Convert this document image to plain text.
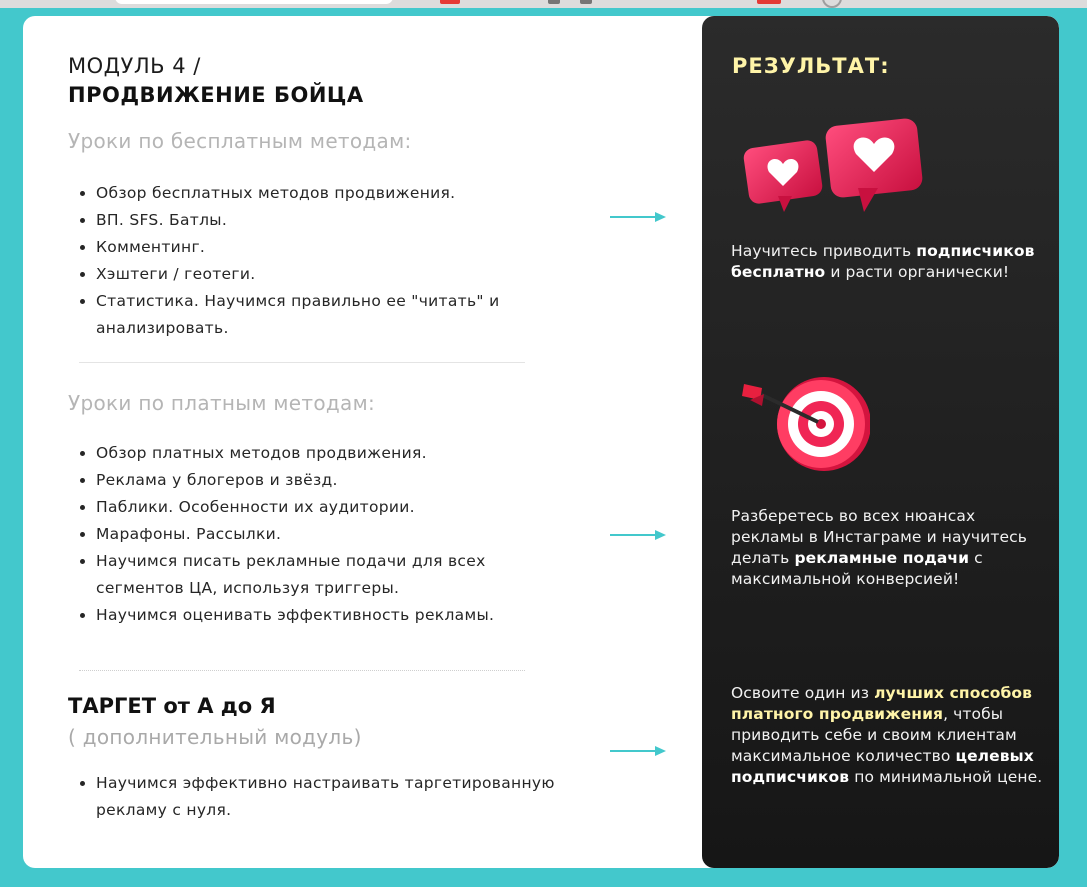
МОДУЛЬ 4 /
ПРОДВИЖЕНИЕ БОЙЦА
Уроки по бесплатным методам:
• Обзор бесплатных методов продвижения.
• ВП. SFS. Батлы.
• Комментинг.
• Хэштеги / геотеги.
• Статистика. Научимся правильно ее "читать" и анализировать.
Уроки по платным методам:
• Обзор платных методов продвижения.
• Реклама у блогеров и звёзд.
• Паблики. Особенности их аудитории.
• Марафоны. Рассылки.
• Научимся писать рекламные подачи для всех сегментов ЦА, используя триггеры.
• Научимся оценивать эффективность рекламы.
ТАРГЕТ от А до Я
( дополнительный модуль)
• Научимся эффективно настраивать таргетированную рекламу с нуля.
РЕЗУЛЬТАТ:
Научитесь приводить подписчиков бесплатно и расти органически!
Разберетесь во всех нюансах рекламы в Инстаграме и научитесь делать рекламные подачи с максимальной конверсией!
Освоите один из лучших способов платного продвижения, чтобы приводить себе и своим клиентам максимальное количество целевых подписчиков по минимальной цене.
